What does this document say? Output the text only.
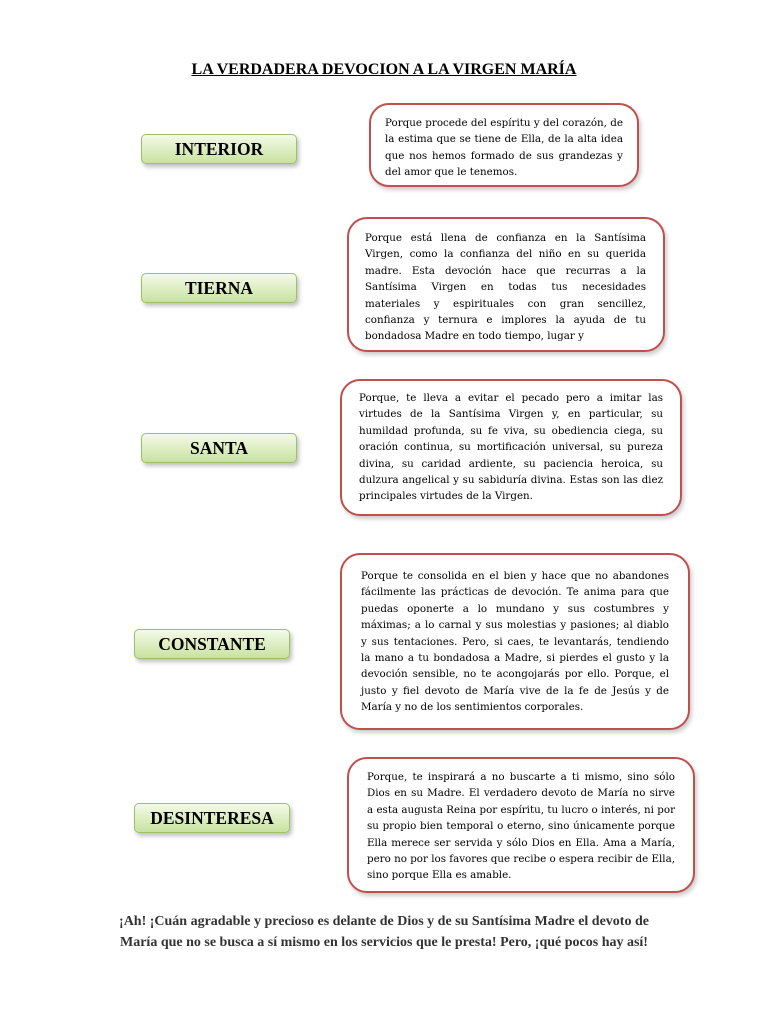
LA VERDADERA DEVOCION A LA VIRGEN MARÍA
INTERIOR

Porque procede del espíritu y del corazón, de la estima que se tiene de Ella, de la alta idea que nos hemos formado de sus grandezas y del amor que le tenemos.

TIERNA

Porque está llena de confianza en la Santísima Virgen, como la confianza del niño en su querida madre. Esta devoción hace que recurras a la Santísima Virgen en todas tus necesidades materiales y espirituales con gran sencillez, confianza y ternura e implores la ayuda de tu bondadosa Madre en todo tiempo, lugar y

SANTA

Porque, te lleva a evitar el pecado pero a imitar las virtudes de la Santísima Virgen y, en particular, su humildad profunda, su fe viva, su obediencia ciega, su oración continua, su mortificación universal, su pureza divina, su caridad ardiente, su paciencia heroica, su dulzura angelical y su sabiduría divina. Estas son las diez principales virtudes de la Virgen.

CONSTANTE

Porque te consolida en el bien y hace que no abandones fácilmente las prácticas de devoción. Te anima para que puedas oponerte a lo mundano y sus costumbres y máximas; a lo carnal y sus molestias y pasiones; al diablo y sus tentaciones. Pero, si caes, te levantarás, tendiendo la mano a tu bondadosa a Madre, si pierdes el gusto y la devoción sensible, no te acongojarás por ello. Porque, el justo y fiel devoto de María vive de la fe de Jesús y de María y no de los sentimientos corporales.

DESINTERESA

Porque, te inspirará a no buscarte a ti mismo, sino sólo Dios en su Madre. El verdadero devoto de María no sirve a esta augusta Reina por espíritu, tu lucro o interés, ni por su propio bien temporal o eterno, sino únicamente porque Ella merece ser servida y sólo Dios en Ella. Ama a María, pero no por los favores que recibe o espera recibir de Ella, sino porque Ella es amable.

¡Ah! ¡Cuán agradable y precioso es delante de Dios y de su Santísima Madre el devoto de María que no se busca a sí mismo en los servicios que le presta! Pero, ¡qué pocos hay así!
